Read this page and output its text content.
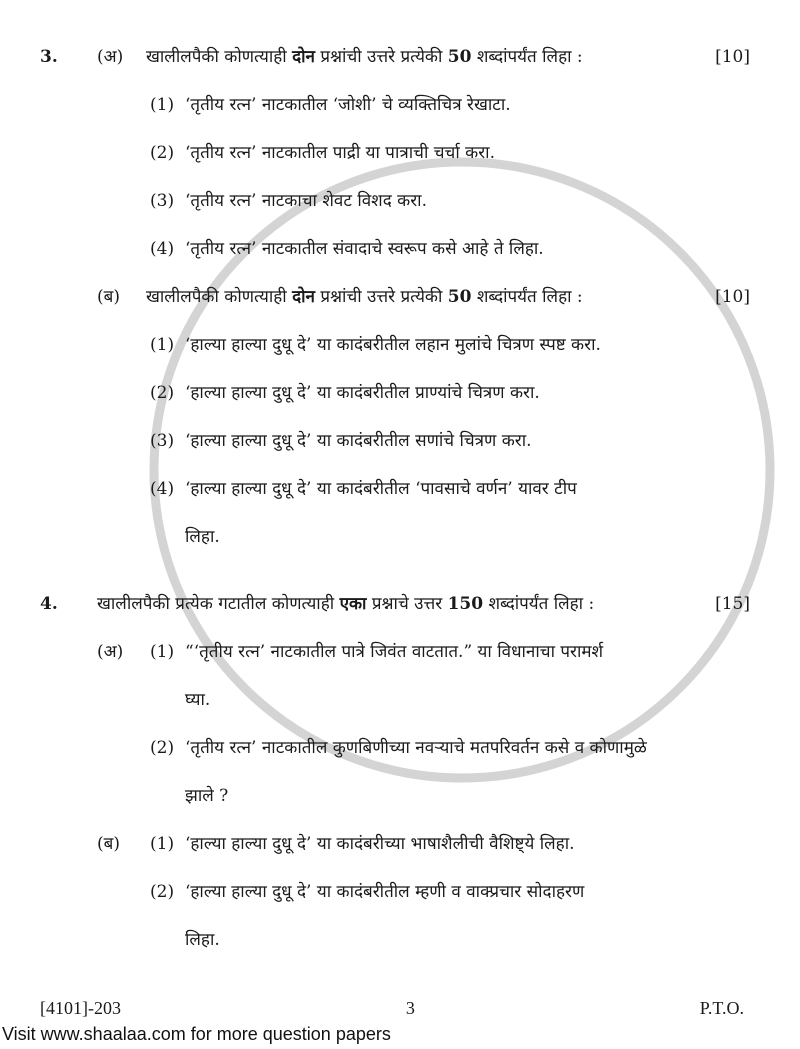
3.	(अ)	खालीलपैकी कोणत्याही दोन प्रश्नांची उत्तरे प्रत्येकी 50 शब्दांपर्यंत लिहा :	[10]
(1) ‘तृतीय रत्न’ नाटकातील ‘जोशी’ चे व्यक्तिचित्र रेखाटा.
(2) ‘तृतीय रत्न’ नाटकातील पाद्री या पात्राची चर्चा करा.
(3) ‘तृतीय रत्न’ नाटकाचा शेवट विशद करा.
(4) ‘तृतीय रत्न’ नाटकातील संवादाचे स्वरूप कसे आहे ते लिहा.
(ब)	खालीलपैकी कोणत्याही दोन प्रश्नांची उत्तरे प्रत्येकी 50 शब्दांपर्यंत लिहा :	[10]
(1) ‘हाल्या हाल्या दुधू दे’ या कादंबरीतील लहान मुलांचे चित्रण स्पष्ट करा.
(2) ‘हाल्या हाल्या दुधू दे’ या कादंबरीतील प्राण्यांचे चित्रण करा.
(3) ‘हाल्या हाल्या दुधू दे’ या कादंबरीतील सणांचे चित्रण करा.
(4) ‘हाल्या हाल्या दुधू दे’ या कादंबरीतील ‘पावसाचे वर्णन’ यावर टीप
लिहा.
4.	खालीलपैकी प्रत्येक गटातील कोणत्याही एका प्रश्नाचे उत्तर 150 शब्दांपर्यंत लिहा :	[15]
(अ)	(1) “‘तृतीय रत्न’ नाटकातील पात्रे जिवंत वाटतात.” या विधानाचा परामर्श
घ्या.
(2) ‘तृतीय रत्न’ नाटकातील कुणबिणीच्या नवऱ्याचे मतपरिवर्तन कसे व कोणामुळे
झाले ?
(ब)	(1) ‘हाल्या हाल्या दुधू दे’ या कादंबरीच्या भाषाशैलीची वैशिष्ट्ये लिहा.
(2) ‘हाल्या हाल्या दुधू दे’ या कादंबरीतील म्हणी व वाक्प्रचार सोदाहरण
लिहा.
[4101]-203	3	P.T.O.
Visit www.shaalaa.com for more question papers
